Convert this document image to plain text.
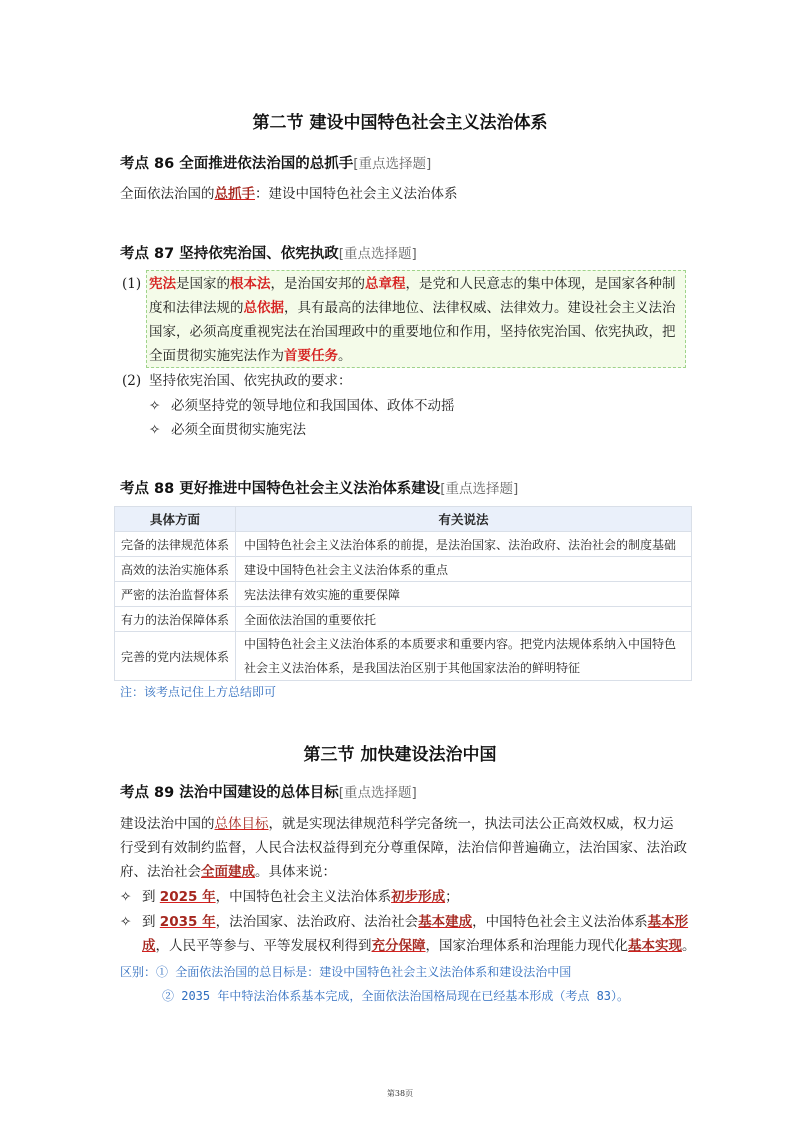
第二节 建设中国特色社会主义法治体系
考点 86 全面推进依法治国的总抓手[重点选择题]
全面依法治国的总抓手：建设中国特色社会主义法治体系
考点 87 坚持依宪治国、依宪执政[重点选择题]
(1) 宪法是国家的根本法，是治国安邦的总章程，是党和人民意志的集中体现，是国家各种制
度和法律法规的总依据，具有最高的法律地位、法律权威、法律效力。建设社会主义法治
国家，必须高度重视宪法在治国理政中的重要地位和作用，坚持依宪治国、依宪执政，把
全面贯彻实施宪法作为首要任务。
(2) 坚持依宪治国、依宪执政的要求：
✧ 必须坚持党的领导地位和我国国体、政体不动摇
✧ 必须全面贯彻实施宪法
考点 88 更好推进中国特色社会主义法治体系建设[重点选择题]
具体方面	有关说法
完备的法律规范体系	中国特色社会主义法治体系的前提，是法治国家、法治政府、法治社会的制度基础
高效的法治实施体系	建设中国特色社会主义法治体系的重点
严密的法治监督体系	宪法法律有效实施的重要保障
有力的法治保障体系	全面依法治国的重要依托
完善的党内法规体系	中国特色社会主义法治体系的本质要求和重要内容。把党内法规体系纳入中国特色
社会主义法治体系，是我国法治区别于其他国家法治的鲜明特征
注：该考点记住上方总结即可
第三节 加快建设法治中国
考点 89 法治中国建设的总体目标[重点选择题]
建设法治中国的总体目标，就是实现法律规范科学完备统一，执法司法公正高效权威，权力运
行受到有效制约监督，人民合法权益得到充分尊重保障，法治信仰普遍确立，法治国家、法治政
府、法治社会全面建成。具体来说：
✧ 到 2025 年，中国特色社会主义法治体系初步形成；
✧ 到 2035 年，法治国家、法治政府、法治社会基本建成，中国特色社会主义法治体系基本形
成，人民平等参与、平等发展权利得到充分保障，国家治理体系和治理能力现代化基本实现。
区别：① 全面依法治国的总目标是：建设中国特色社会主义法治体系和建设法治中国
② 2035 年中特法治体系基本完成，全面依法治国格局现在已经基本形成（考点 83）。
第38页
